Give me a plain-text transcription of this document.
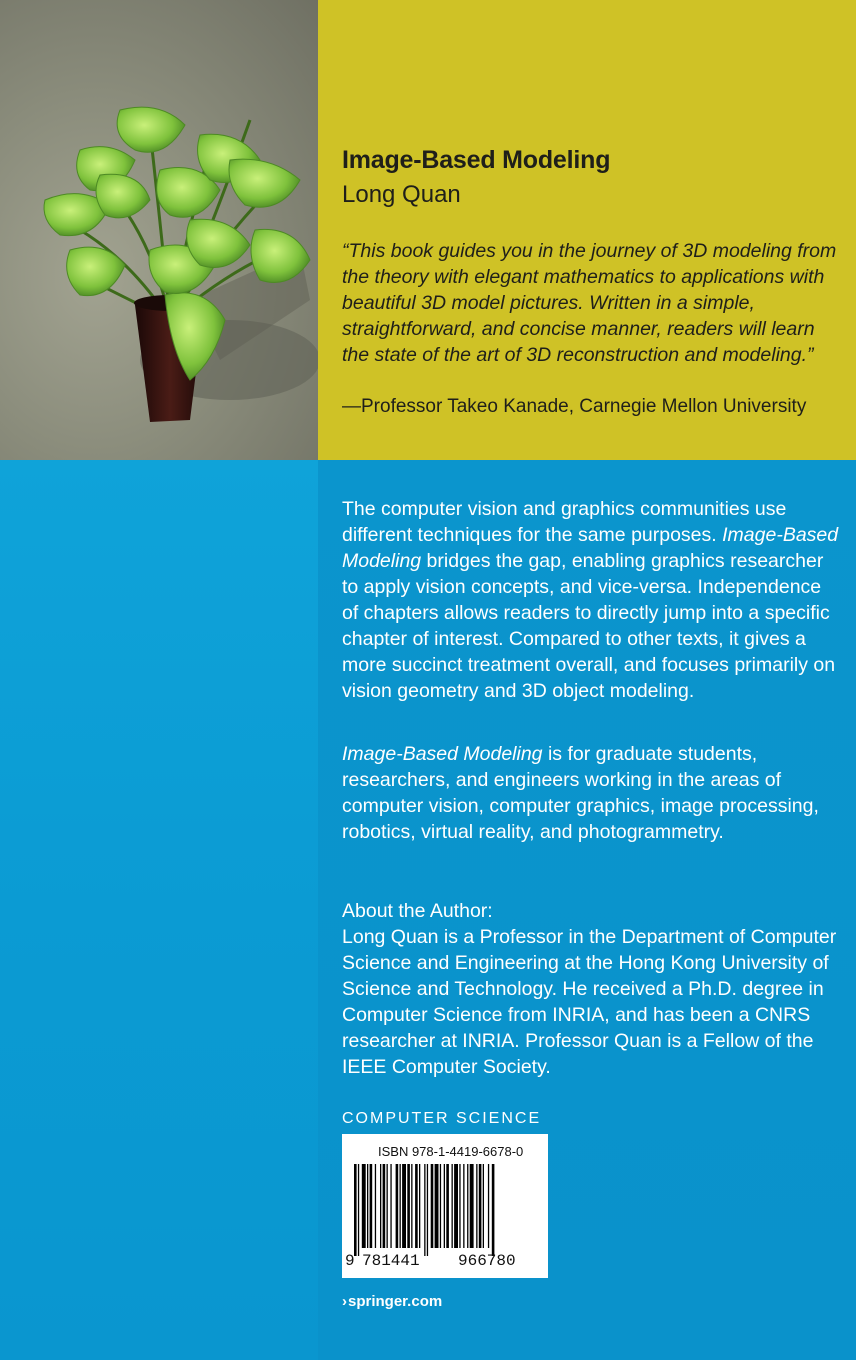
Image-Based Modeling
Long Quan
“This book guides you in the journey of 3D modeling from the theory with elegant mathematics to applications with beautiful 3D model pictures. Written in a simple, straightforward, and concise manner, readers will learn the state of the art of 3D reconstruction and modeling.”
—Professor Takeo Kanade, Carnegie Mellon University
The computer vision and graphics communities use different techniques for the same purposes. Image-Based Modeling bridges the gap, enabling graphics researcher to apply vision concepts, and vice-versa. Independence of chapters allows readers to directly jump into a specific chapter of interest. Compared to other texts, it gives a more succinct treatment overall, and focuses primarily on vision geometry and 3D object modeling.
Image-Based Modeling is for graduate students, researchers, and engineers working in the areas of computer vision, computer graphics, image processing, robotics, virtual reality, and photogrammetry.
About the Author:
Long Quan is a Professor in the Department of Computer Science and Engineering at the Hong Kong University of Science and Technology. He received a Ph.D. degree in Computer Science from INRIA, and has been a CNRS researcher at INRIA. Professor Quan is a Fellow of the IEEE Computer Society.
COMPUTER SCIENCE
ISBN 978-1-4419-6678-0
9 781441 966780
›springer.com
